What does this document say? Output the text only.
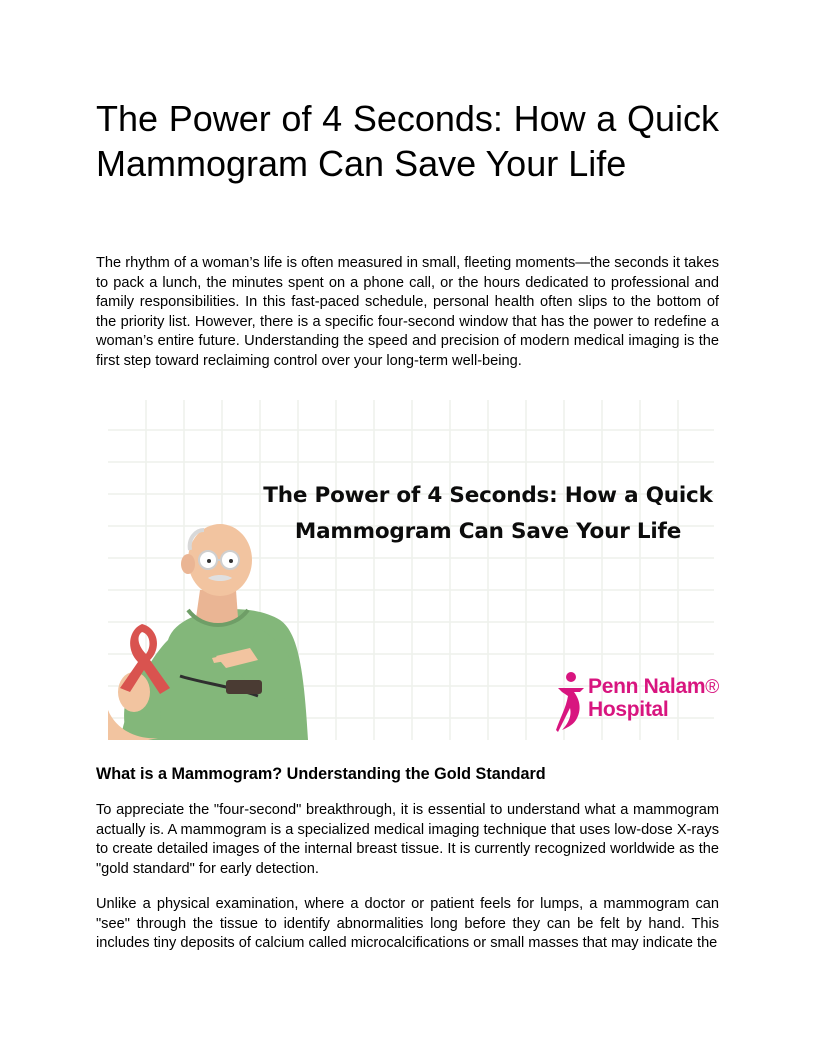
The Power of 4 Seconds: How a Quick Mammogram Can Save Your Life

The rhythm of a woman’s life is often measured in small, fleeting moments—the seconds it takes to pack a lunch, the minutes spent on a phone call, or the hours dedicated to professional and family responsibilities. In this fast-paced schedule, personal health often slips to the bottom of the priority list. However, there is a specific four-second window that has the power to redefine a woman’s entire future. Understanding the speed and precision of modern medical imaging is the first step toward reclaiming control over your long-term well-being.

The Power of 4 Seconds: How a Quick Mammogram Can Save Your Life
Penn Nalam®
Hospital
What is a Mammogram? Understanding the Gold Standard

To appreciate the "four-second" breakthrough, it is essential to understand what a mammogram actually is. A mammogram is a specialized medical imaging technique that uses low-dose X-rays to create detailed images of the internal breast tissue. It is currently recognized worldwide as the "gold standard" for early detection.

Unlike a physical examination, where a doctor or patient feels for lumps, a mammogram can "see" through the tissue to identify abnormalities long before they can be felt by hand. This includes tiny deposits of calcium called microcalcifications or small masses that may indicate the
